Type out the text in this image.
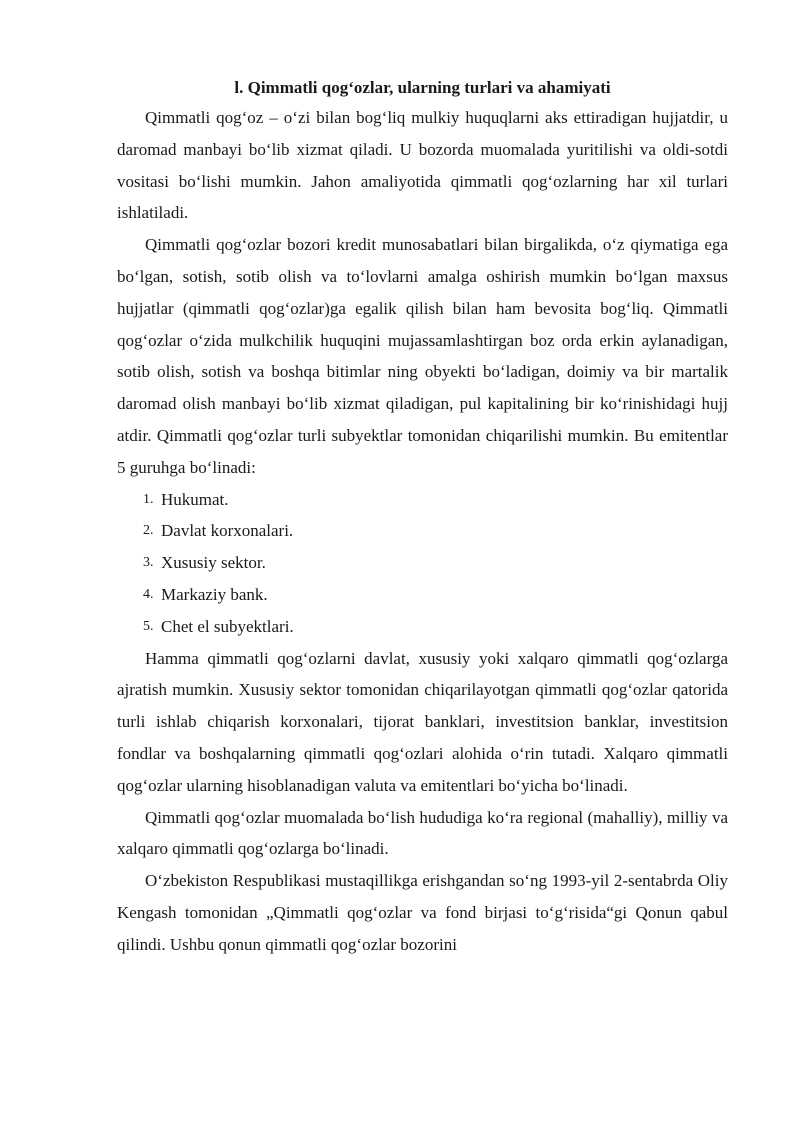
l. Qimmatli qog‘ozlar, ularning turlari va ahamiyati

Qimmatli qog‘oz – o‘zi bilan bog‘liq mulkiy huquqlarni aks ettiradigan hujjatdir, u daromad manbayi bo‘lib xizmat qiladi. U bozorda muomalada yuritilishi va oldi-sotdi vositasi bo‘lishi mumkin. Jahon amaliyotida qimmatli qog‘ozlarning har xil turlari ishlatiladi.

Qimmatli qog‘ozlar bozori kredit munosabatlari bilan birgalikda, o‘z qiymatiga ega bo‘lgan, sotish, sotib olish va to‘lovlarni amalga oshirish mumkin bo‘lgan maxsus hujjatlar (qimmatli qog‘ozlar)ga egalik qilish bilan ham bevosita bog‘liq. Qimmatli qog‘ozlar o‘zida mulkchilik huquqini mujassamlashtirgan boz orda erkin aylanadigan, sotib olish, sotish va boshqa bitimlar ning obyekti bo‘ladigan, doimiy va bir martalik daromad olish manbayi bo‘lib xizmat qiladigan, pul kapitalining bir ko‘rinishidagi hujj atdir. Qimmatli qog‘ozlar turli subyektlar tomonidan chiqarilishi mumkin. Bu emitentlar 5 guruhga bo‘linadi:

1. Hukumat.
2. Davlat korxonalari.
3. Xususiy sektor.
4. Markaziy bank.
5. Chet el subyektlari.

Hamma qimmatli qog‘ozlarni davlat, xususiy yoki xalqaro qimmatli qog‘ozlarga ajratish mumkin. Xususiy sektor tomonidan chiqarilayotgan qimmatli qog‘ozlar qatorida turli ishlab chiqarish korxonalari, tijorat banklari, investitsion banklar, investitsion fondlar va boshqalarning qimmatli qog‘ozlari alohida o‘rin tutadi. Xalqaro qimmatli qog‘ozlar ularning hisoblanadigan valuta va emitentlari bo‘yicha bo‘linadi.

Qimmatli qog‘ozlar muomalada bo‘lish hududiga ko‘ra regional (mahalliy), milliy va xalqaro qimmatli qog‘ozlarga bo‘linadi.

O‘zbekiston Respublikasi mustaqillikga erishgandan so‘ng 1993-yil 2-sentabrda Oliy Kengash tomonidan „Qimmatli qog‘ozlar va fond birjasi to‘g‘risida“gi Qonun qabul qilindi. Ushbu qonun qimmatli qog‘ozlar bozorini
